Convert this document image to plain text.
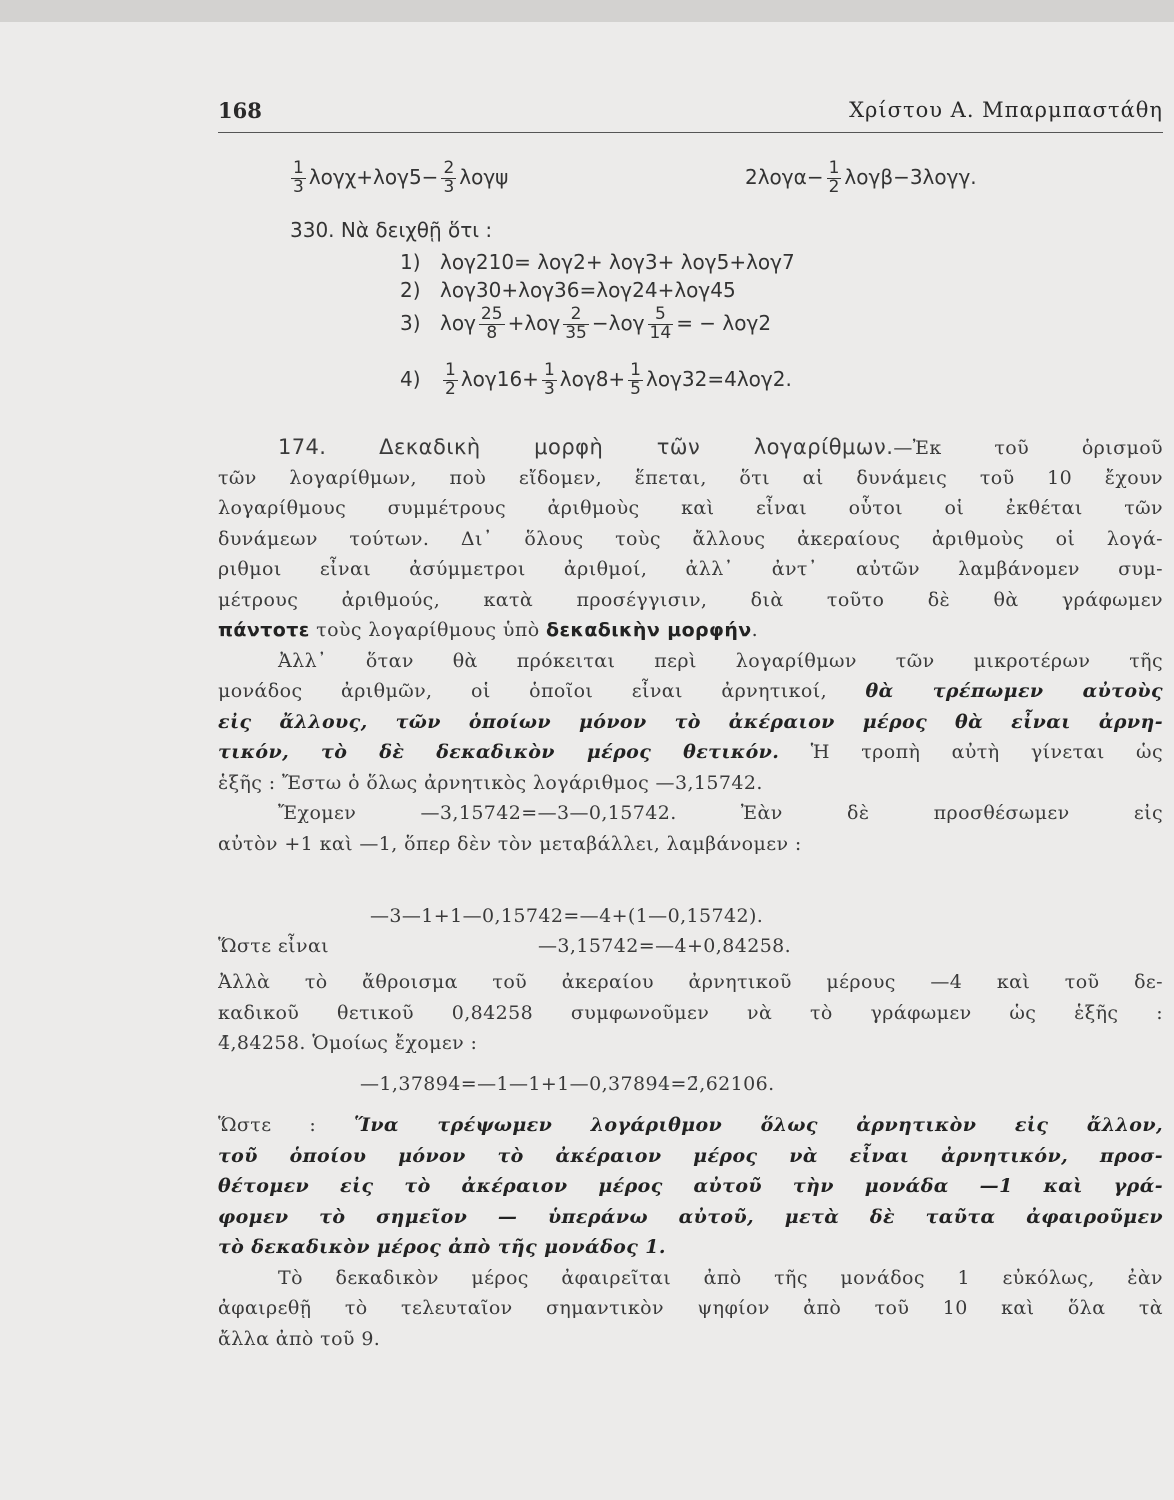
168	Χρίστου Α. Μπαρμπαστάθη
$\frac{1}{3} \lambda o\gamma\chi+\lambda o\gamma 5- \frac{2}{3}$ λογψ	$2\lambda o\gamma\alpha- \frac{1}{2} \lambda o\gamma\beta-3\lambda o\gamma\gamma$.
330. Νὰ δειχθῇ ὅτι :
1) λογ210= λογ2+ λογ3+ λογ5+λογ7
2) λογ30+λογ36=λογ24+λογ45
3) λογ $\frac{25}{8} +\lambda o\gamma \frac{2}{35} -\lambda o\gamma \frac{5}{14}$ = − λογ2
$4) \frac{1}{2} \lambda o\gamma 16+ \frac{1}{3} \lambda o\gamma 8+ \frac{1}{5} \lambda o\gamma 32=4\lambda o\gamma 2$.
174.	Δεκαδικὴ μορφὴ τῶν λογαρίθμων.—Ἐκ τοῦ ὁρισμοῦ
τῶν λογαρίθμων, ποὺ εἴδομεν, ἕπεται, ὅτι αἱ δυνάμεις τοῦ 10 ἔχουν
λογαρίθμους συμμέτρους ἀριθμοὺς καὶ εἶναι οὗτοι οἱ ἐκθέται τῶν
δυνάμεων τούτων. Δι᾽ ὅλους τοὺς ἄλλους ἀκεραίους ἀριθμοὺς οἱ λογά-
ριθμοι εἶναι ἀσύμμετροι ἀριθμοί, ἀλλ᾽ ἀντ᾽ αὐτῶν λαμβάνομεν συμ-
μέτρους ἀριθμούς, κατὰ προσέγγισιν, διὰ τοῦτο δὲ θὰ γράφωμεν
πάντοτε τοὺς λογαρίθμους ὑπὸ δεκαδικὴν μορφήν.
Ἀλλ᾽ ὅταν θὰ πρόκειται περὶ λογαρίθμων τῶν μικροτέρων τῆς
μονάδος ἀριθμῶν, οἱ ὁποῖοι εἶναι ἀρνητικοί, θὰ τρέπωμεν αὐτοὺς
εἰς ἄλλους, τῶν ὁποίων μόνον τὸ ἀκέραιον μέρος θὰ εἶναι ἀρνη-
τικόν, τὸ δὲ δεκαδικὸν μέρος θετικόν. Ἡ τροπὴ αὐτὴ γίνεται ὡς
ἑξῆς : Ἔστω ὁ ὅλως ἀρνητικὸς λογάριθμος —3,15742.
Ἔχομεν —3,15742=—3—0,15742. Ἐὰν δὲ προσθέσωμεν εἰς
αὐτὸν +1 καὶ —1, ὅπερ δὲν τὸν μεταβάλλει, λαμβάνομεν :
—3—1+1—0,15742=—4+(1—0,15742).
Ὥστε εἶναι	—3,15742=—4+0,84258.
Ἀλλὰ τὸ ἄθροισμα τοῦ ἀκεραίου ἀρνητικοῦ μέρους —4 καὶ τοῦ δε-
καδικοῦ θετικοῦ 0,84258 συμφωνοῦμεν νὰ τὸ γράφωμεν ὡς ἑξῆς :
4̄,84258. Ὁμοίως ἔχομεν :
—1,37894=—1—1+1—0,37894=2̄,62106.
Ὥστε : Ἵνα τρέψωμεν λογάριθμον ὅλως ἀρνητικὸν εἰς ἄλλον,
τοῦ ὁποίου μόνον τὸ ἀκέραιον μέρος νὰ εἶναι ἀρνητικόν, προσ-
θέτομεν εἰς τὸ ἀκέραιον μέρος αὐτοῦ τὴν μονάδα —1 καὶ γρά-
φομεν τὸ σημεῖον — ὑπεράνω αὐτοῦ, μετὰ δὲ ταῦτα ἀφαιροῦμεν
τὸ δεκαδικὸν μέρος ἀπὸ τῆς μονάδος 1.
Τὸ δεκαδικὸν μέρος ἀφαιρεῖται ἀπὸ τῆς μονάδος 1 εὐκόλως, ἐὰν
ἀφαιρεθῇ τὸ τελευταῖον σημαντικὸν ψηφίον ἀπὸ τοῦ 10 καὶ ὅλα τὰ
ἄλλα ἀπὸ τοῦ 9.
